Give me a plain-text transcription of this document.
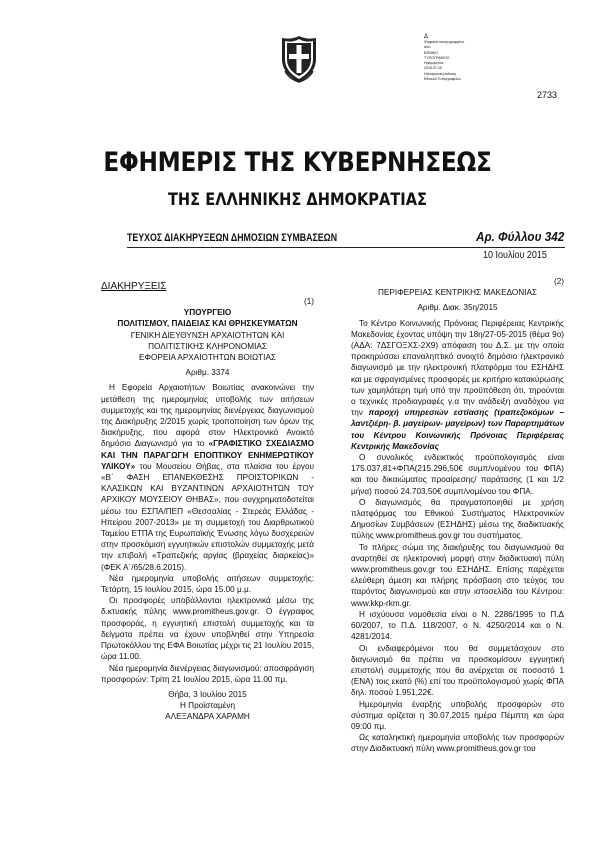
Δ
Ψηφιακά υπογεγραμμένο
από
ΕΘΝΙΚΟ
ΤΥΠΟΓΡΑΦΕΙΟ
Ημερομηνία:
2015.07.10
Ηλεκτρονική έκδοση
Εθνικού Τυπογραφείου
2733
ΕΦΗΜΕΡΙΣ ΤΗΣ ΚΥΒΕΡΝΗΣΕΩΣ
ΤΗΣ ΕΛΛΗΝΙΚΗΣ ΔΗΜΟΚΡΑΤΙΑΣ
ΤΕΥΧΟΣ ΔΙΑΚΗΡΥΞΕΩΝ ΔΗΜΟΣΙΩΝ ΣΥΜΒΑΣΕΩΝ	Αρ. Φύλλου 342
10 Ιουλίου 2015

ΔΙΑΚΗΡΥΞΕΙΣ

(1)

ΥΠΟΥΡΓΕΙΟ

ΠΟΛΙΤΙΣΜΟΥ, ΠΑΙΔΕΙΑΣ ΚΑΙ ΘΡΗΣΚΕΥΜΑΤΩΝ

ΓΕΝΙΚΗ ΔΙΕΥΘΥΝΣΗ ΑΡΧΑΙΟΤΗΤΩΝ ΚΑΙ

ΠΟΛΙΤΙΣΤΙΚΗΣ ΚΛΗΡΟΝΟΜΙΑΣ

ΕΦΟΡΕΙΑ ΑΡΧΑΙΟΤΗΤΩΝ ΒΟΙΩΤΙΑΣ

Αριθμ. 3374

Η Εφορεία Αρχαιοτήτων Βοιωτίας ανακοινώνει την μετάθεση της ημερομηνίας υποβολής των αιτήσεων συμμετοχής και της ημερομηνίας διενέργειας διαγωνισμού της Διακήρυξης 2/2015 χωρίς τροποποίηση των όρων της διακήρυξης, που αφορά στον Ηλεκτρονικό Ανοικτό δημόσιο Διαγωνισμό για το «ΓΡΑΦΙΣΤΙΚΟ ΣΧΕΔΙΑΣΜΟ ΚΑΙ ΤΗΝ ΠΑΡΑΓΩΓΗ ΕΠΟΠΤΙΚΟΥ ΕΝΗΜΕΡΩΤΙΚΟΥ ΥΛΙΚΟΥ» του Μουσείου Θήβας, στα πλαίσια του έργου «Β΄ ΦΑΣΗ ΕΠΑΝΕΚΘΕΣΗΣ ΠΡΟΙΣΤΟΡΙΚΩΝ - ΚΛΑΣΙΚΩΝ ΚΑΙ ΒΥΖΑΝΤΙΝΩΝ ΑΡΧΑΙΟΤΗΤΩΝ ΤΟΥ ΑΡΧΙΚΟΥ ΜΟΥΣΕΙΟΥ ΘΗΒΑΣ», που συγχρηματοδοτείται μέσω του ΕΣΠΑ/ΠΕΠ «Θεσσαλίας - Στερεάς Ελλάδας - Ηπείρου 2007-2013» με τη συμμετοχή του Διαρθρωτικού Ταμείου ΕΤΠΑ της Ευρωπαϊκής Ένωσης λόγω δυσχερειών στην προσκόμιση εγγυητικών επιστολών συμμετοχής μετά την επιβολή «Τραπεζικής αργίας (βραχείας διαρκείας)» (ΦΕΚ Α΄/65/28.6.2015).

Νέα ημερομηνία υποβολής αιτήσεων συμμετοχής: Τετάρτη, 15 Ιουλίου 2015, ώρα 15.00 μ.μ.

Οι προσφορές υποβάλλονται ηλεκτρονικά μέσω της δ.κτυακής πύλης www.promitheus.gov.gr. Ο έγγραφος προσφοράς, η εγγυητική επιστολή συμμετοχής και τα δείγματα πρέπει να έχουν υποβληθεί στην Υπηρεσία Πρωτοκόλλου της ΕΦΑ Βοιωτίας μέχρι τις 21 Ιουλίου 2015, ώρα 11.00.

Νέα ημερομηνία διενέργειας διαγωνισμού: αποσφράγιση προσφορών: Τρίτη 21 Ιουλίου 2015, ώρα 11.00 πμ.

Θήβα, 3 Ιουλίου 2015

Η Προϊσταμένη

ΑΛΕΞΑΝΔΡΑ ΧΑΡΑΜΗ

(2)

ΠΕΡΙΦΕΡΕΙΑΣ ΚΕΝΤΡΙΚΗΣ ΜΑΚΕΔΟΝΙΑΣ

Αριθμ. Διακ. 35η/2015

Το Κέντρο Κοινωνικής Πρόνοιας Περιφέρειας Κεντρικής Μακεδονίας έχοντας υπόψη την 18η/27-05-2015 (θέμα 9ο) (ΑΔΑ: 7ΔΣΓΟΞΧΣ-2Χ9) απόφαση του Δ.Σ. με την οποία προκηρύσσει επαναληπτικό ανοιχτό δημόσιο ηλεκτρονικό διαγωνισμό με την ηλεκτρονική πλατφόρμα του ΕΣΗΔΗΣ και με σφραγισμένες προσφορές με κριτήριο κατακύρωσης των χαμηλότερη τιμή υπό την προϋπόθεση ότι, τηρούνται ο τεχνικές προδιαγραφές γ.α την ανάδειξη αναδόχου για την παροχή υπηρεσιών εστίασης (τραπεζοκόμων – λαντζιέρη- β. μαγείρων- μαγείρων) των Παραρτημάτων του Κέντρου Κοινωνικής Πρόνοιας Περιφέρειας Κεντρικής Μακεδονίας

Ο συνολικός ενδεικτικός προϋπολογισμός είναι 175.037,81+ΦΠΑ(215.296,50€ συμπ/νομένου του ΦΠΑ) και του δικαιώματος προαίρεσης/ παράτασης (1 και 1/2 μήνα) ποσού 24.703,50€ συμπ/νομένου του ΦΠΑ.

Ο διαγωνισμός θα πραγματοποιηθεί με χρήση πλατφόρμας του Εθνικού Συστήματος Ηλεκτρονικών Δημοσίων Συμβάσεων (ΕΣΗΔΗΣ) μέσω της διαδικτυακής πύλης www.promitheus.gov.gr του συστήματος.

Το πλήρες σώμα της διακήρυξης του διαγωνισμού θα αναρτηθεί σε ηλεκτρονική μορφή στην διαδικτυακή πύλη www.promitheus.gov.gr του ΕΣΗΔΗΣ. Επίσης παρέχεται ελεύθερη άμεση και πλήρης πρόσβαση στο τεύχος του παρόντος διαγωνισμού και στην ιστοσελίδα του Κέντρου: www.kkp-rkm.gr.

Η ισχύουσα νομοθεσία είναι ο Ν. 2286/1995 το Π.Δ 60/2007, το Π.Δ. 118/2007, ο Ν. 4250/2014 και ο Ν. 4281/2014.

Οι ενδιαφερόμενοι που θα συμμετάσχουν στο διαγωνισμό θα πρέπει να προσκομίσουν εγγυητική επιστολή συμμετοχής που θα ανέρχεται σε ποσοστό 1 (ΕΝΑ) τοις εκατό (%) επί του προϋπολογισμού χωρίς ΦΠΑ δηλ. ποσού 1.951,22€.

Ημερομηνία έναρξης υποβολής προσφορών στο σύστημα ορίζεται η 30.07.2015 ημέρα Πέμπτη και ώρα 09:00 πμ.

Ως καταληκτική ημερομηνία υποβολής των προσφορών στην Διαδικτυακή πύλη www.promitheus.gov.gr του
